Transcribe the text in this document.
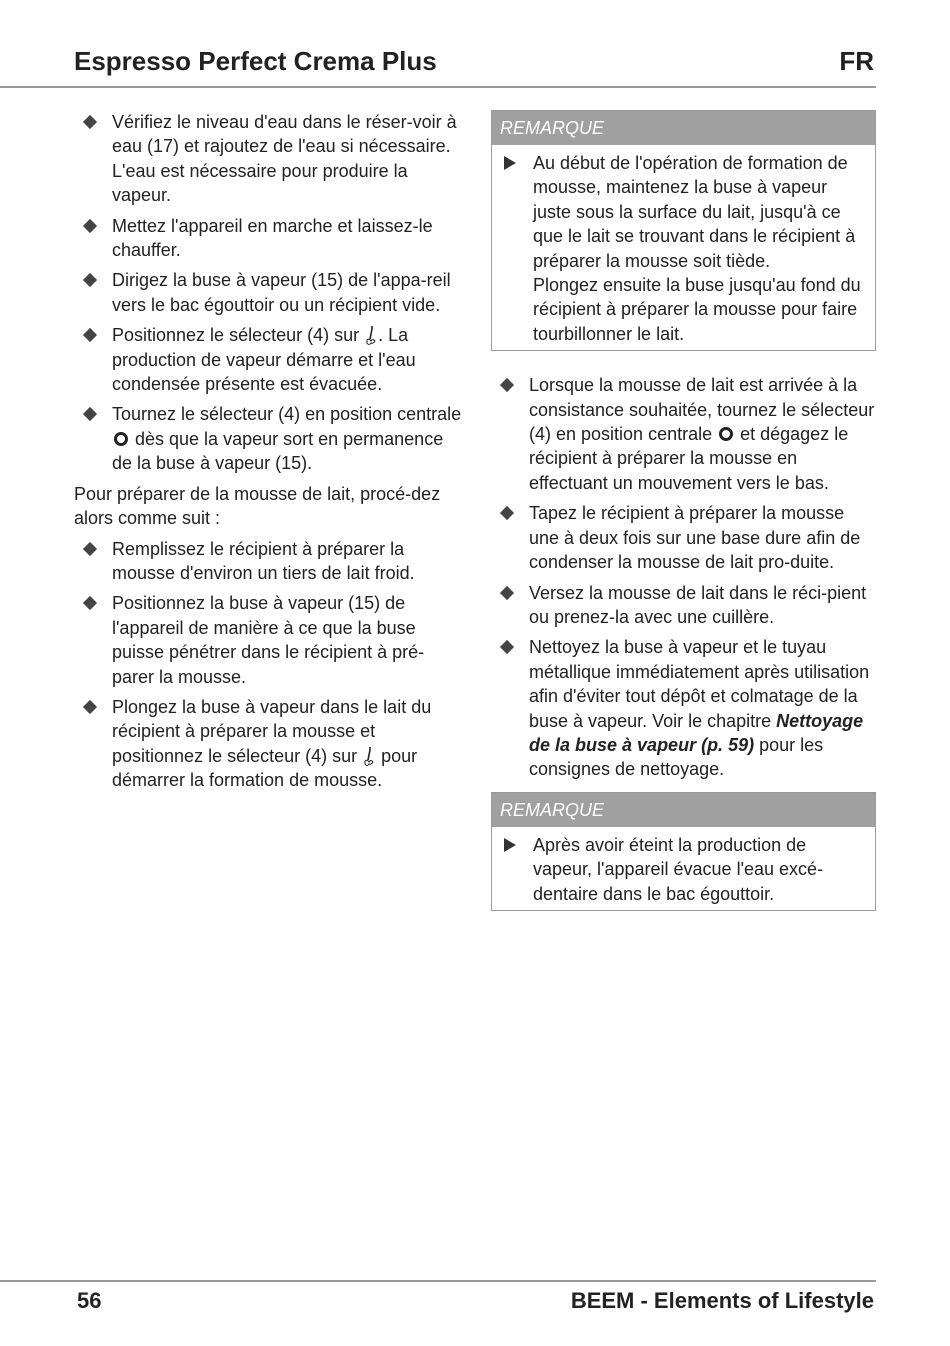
Espresso Perfect Crema Plus	FR
Vérifiez le niveau d'eau dans le réser-voir à eau (17) et rajoutez de l'eau si nécessaire. L'eau est nécessaire pour produire la vapeur.
Mettez l'appareil en marche et laissez-le chauffer.
Dirigez la buse à vapeur (15) de l'appa-reil vers le bac égouttoir ou un récipient vide.
Positionnez le sélecteur (4) sur . La production de vapeur démarre et l'eau condensée présente est évacuée.
Tournez le sélecteur (4) en position centrale  dès que la vapeur sort en permanence de la buse à vapeur (15).

Pour préparer de la mousse de lait, procé-dez alors comme suit :

Remplissez le récipient à préparer la mousse d'environ un tiers de lait froid.
Positionnez la buse à vapeur (15) de l'appareil de manière à ce que la buse puisse pénétrer dans le récipient à pré-parer la mousse.
Plongez la buse à vapeur dans le lait du récipient à préparer la mousse et positionnez le sélecteur (4) sur  pour démarrer la formation de mousse.
REMARQUE
Au début de l'opération de formation de mousse, maintenez la buse à vapeur juste sous la surface du lait, jusqu'à ce que le lait se trouvant dans le récipient à préparer la mousse soit tiède.
Plongez ensuite la buse jusqu'au fond du récipient à préparer la mousse pour faire tourbillonner le lait.
Lorsque la mousse de lait est arrivée à la consistance souhaitée, tournez le sélecteur (4) en position centrale  et dégagez le récipient à préparer la mousse en effectuant un mouvement vers le bas.
Tapez le récipient à préparer la mousse une à deux fois sur une base dure afin de condenser la mousse de lait pro-duite.
Versez la mousse de lait dans le réci-pient ou prenez-la avec une cuillère.
Nettoyez la buse à vapeur et le tuyau métallique immédiatement après utilisation afin d'éviter tout dépôt et colmatage de la buse à vapeur. Voir le chapitre Nettoyage de la buse à vapeur (p. 59) pour les consignes de nettoyage.
REMARQUE
Après avoir éteint la production de vapeur, l'appareil évacue l'eau excé-dentaire dans le bac égouttoir.
56	BEEM - Elements of Lifestyle
